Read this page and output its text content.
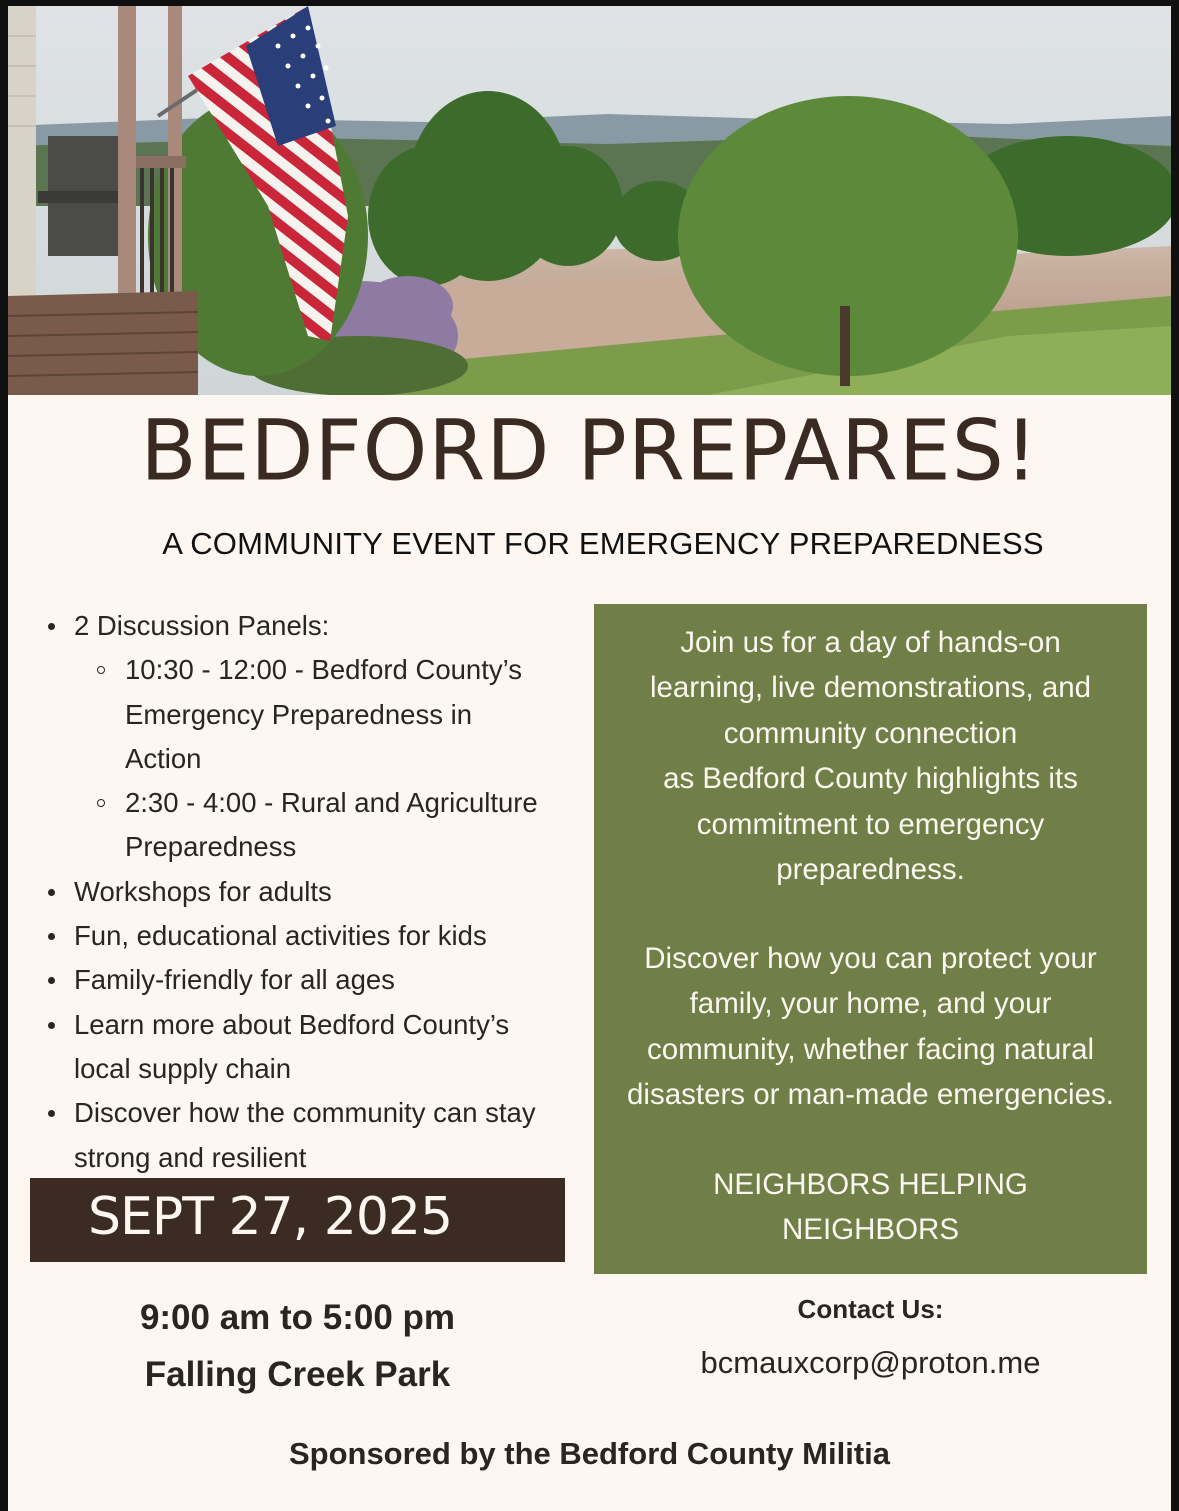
BEDFORD PREPARES!
A COMMUNITY EVENT FOR EMERGENCY PREPAREDNESS
2 Discussion Panels:
10:30 - 12:00 - Bedford County’s
Emergency Preparedness in
Action
2:30 - 4:00 - Rural and Agriculture
Preparedness
Workshops for adults
Fun, educational activities for kids
Family-friendly for all ages
Learn more about Bedford County’s
local supply chain
Discover how the community can stay
strong and resilient
SEPT 27, 2025
9:00 am to 5:00 pm
Falling Creek Park
Join us for a day of hands-on
learning, live demonstrations, and
community connection
as Bedford County highlights its
commitment to emergency
preparedness.
Discover how you can protect your
family, your home, and your
community, whether facing natural
disasters or man-made emergencies.
NEIGHBORS HELPING
NEIGHBORS
Contact Us:
bcmauxcorp@proton.me
Sponsored by the Bedford County Militia
